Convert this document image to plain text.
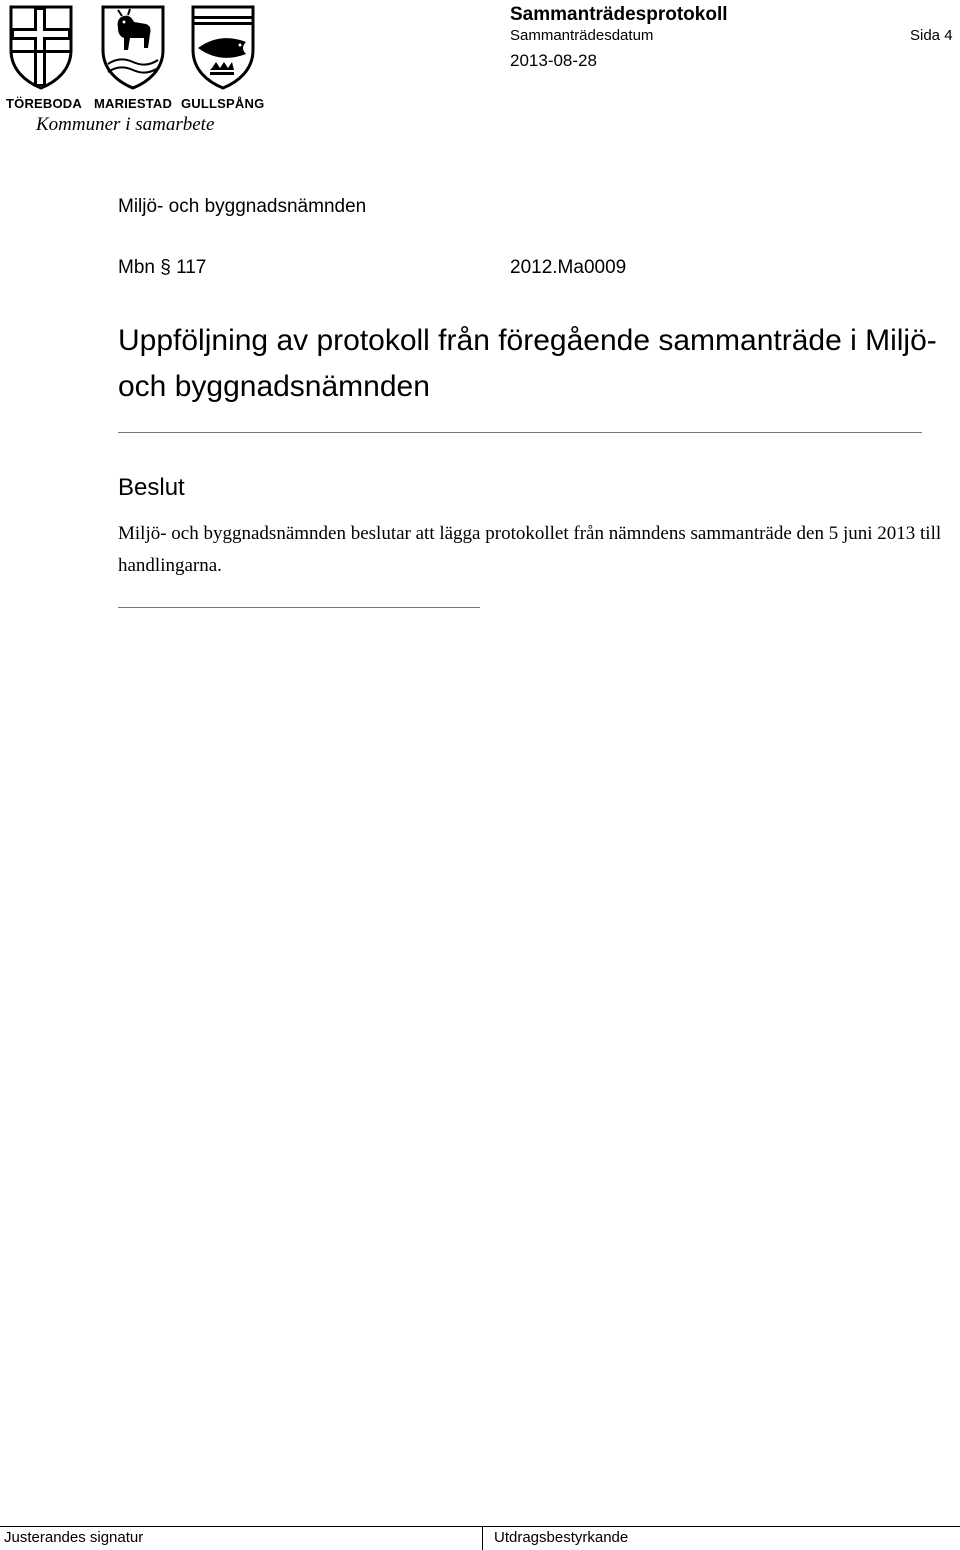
TÖREBODA MARIESTAD GULLSPÅNG
Kommuner i samarbete
Sammanträdesprotokoll
Sammanträdesdatum	Sida 4
2013-08-28
Miljö- och byggnadsnämnden
Mbn § 117	2012.Ma0009
Uppföljning av protokoll från föregående sammanträde i Miljö- och byggnadsnämnden
Beslut
Miljö- och byggnadsnämnden beslutar att lägga protokollet från nämndens sammanträde den 5 juni 2013 till handlingarna.
Justerandes signatur	Utdragsbestyrkande
